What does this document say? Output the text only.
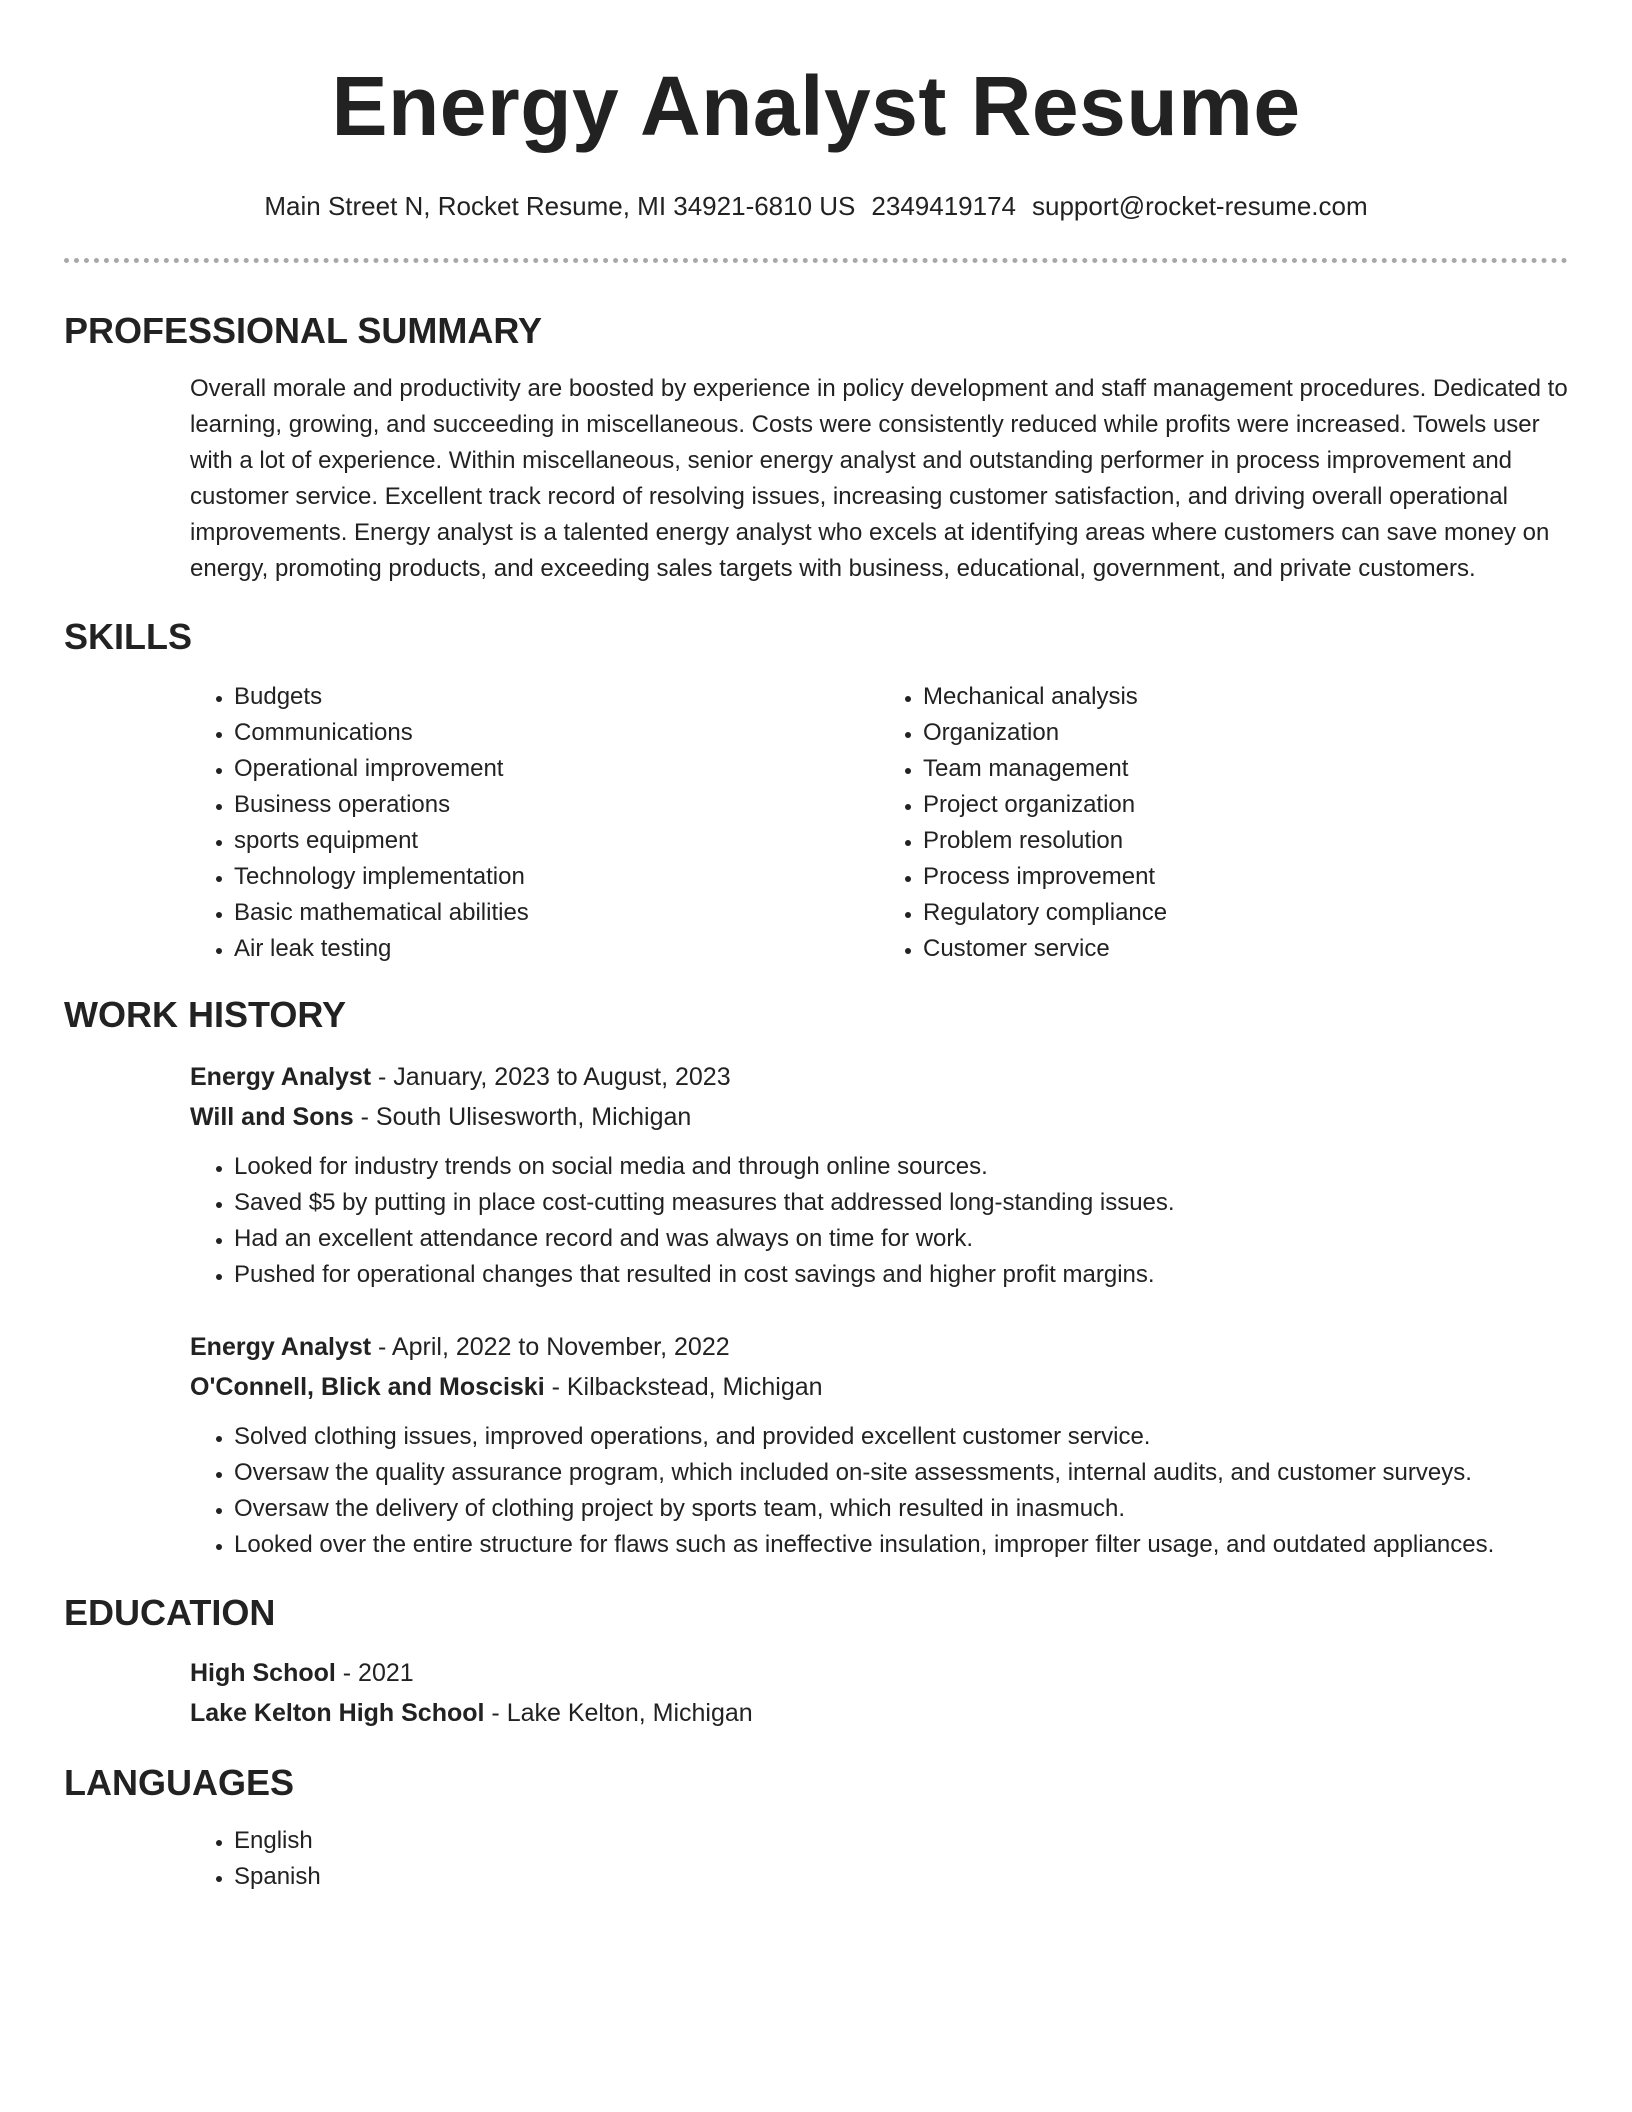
Energy Analyst Resume
Main Street N, Rocket Resume, MI 34921-6810 US 2349419174 support@rocket-resume.com
PROFESSIONAL SUMMARY
Overall morale and productivity are boosted by experience in policy development and staff management procedures. Dedicated to learning, growing, and succeeding in miscellaneous. Costs were consistently reduced while profits were increased. Towels user with a lot of experience. Within miscellaneous, senior energy analyst and outstanding performer in process improvement and customer service. Excellent track record of resolving issues, increasing customer satisfaction, and driving overall operational improvements. Energy analyst is a talented energy analyst who excels at identifying areas where customers can save money on energy, promoting products, and exceeding sales targets with business, educational, government, and private customers.
SKILLS
• Budgets
• Communications
• Operational improvement
• Business operations
• sports equipment
• Technology implementation
• Basic mathematical abilities
• Air leak testing
• Mechanical analysis
• Organization
• Team management
• Project organization
• Problem resolution
• Process improvement
• Regulatory compliance
• Customer service
WORK HISTORY
Energy Analyst - January, 2023 to August, 2023
Will and Sons - South Ulisesworth, Michigan
• Looked for industry trends on social media and through online sources.
• Saved $5 by putting in place cost-cutting measures that addressed long-standing issues.
• Had an excellent attendance record and was always on time for work.
• Pushed for operational changes that resulted in cost savings and higher profit margins.
Energy Analyst - April, 2022 to November, 2022
O'Connell, Blick and Mosciski - Kilbackstead, Michigan
• Solved clothing issues, improved operations, and provided excellent customer service.
• Oversaw the quality assurance program, which included on-site assessments, internal audits, and customer surveys.
• Oversaw the delivery of clothing project by sports team, which resulted in inasmuch.
• Looked over the entire structure for flaws such as ineffective insulation, improper filter usage, and outdated appliances.
EDUCATION
High School - 2021
Lake Kelton High School - Lake Kelton, Michigan
LANGUAGES
• English
• Spanish
